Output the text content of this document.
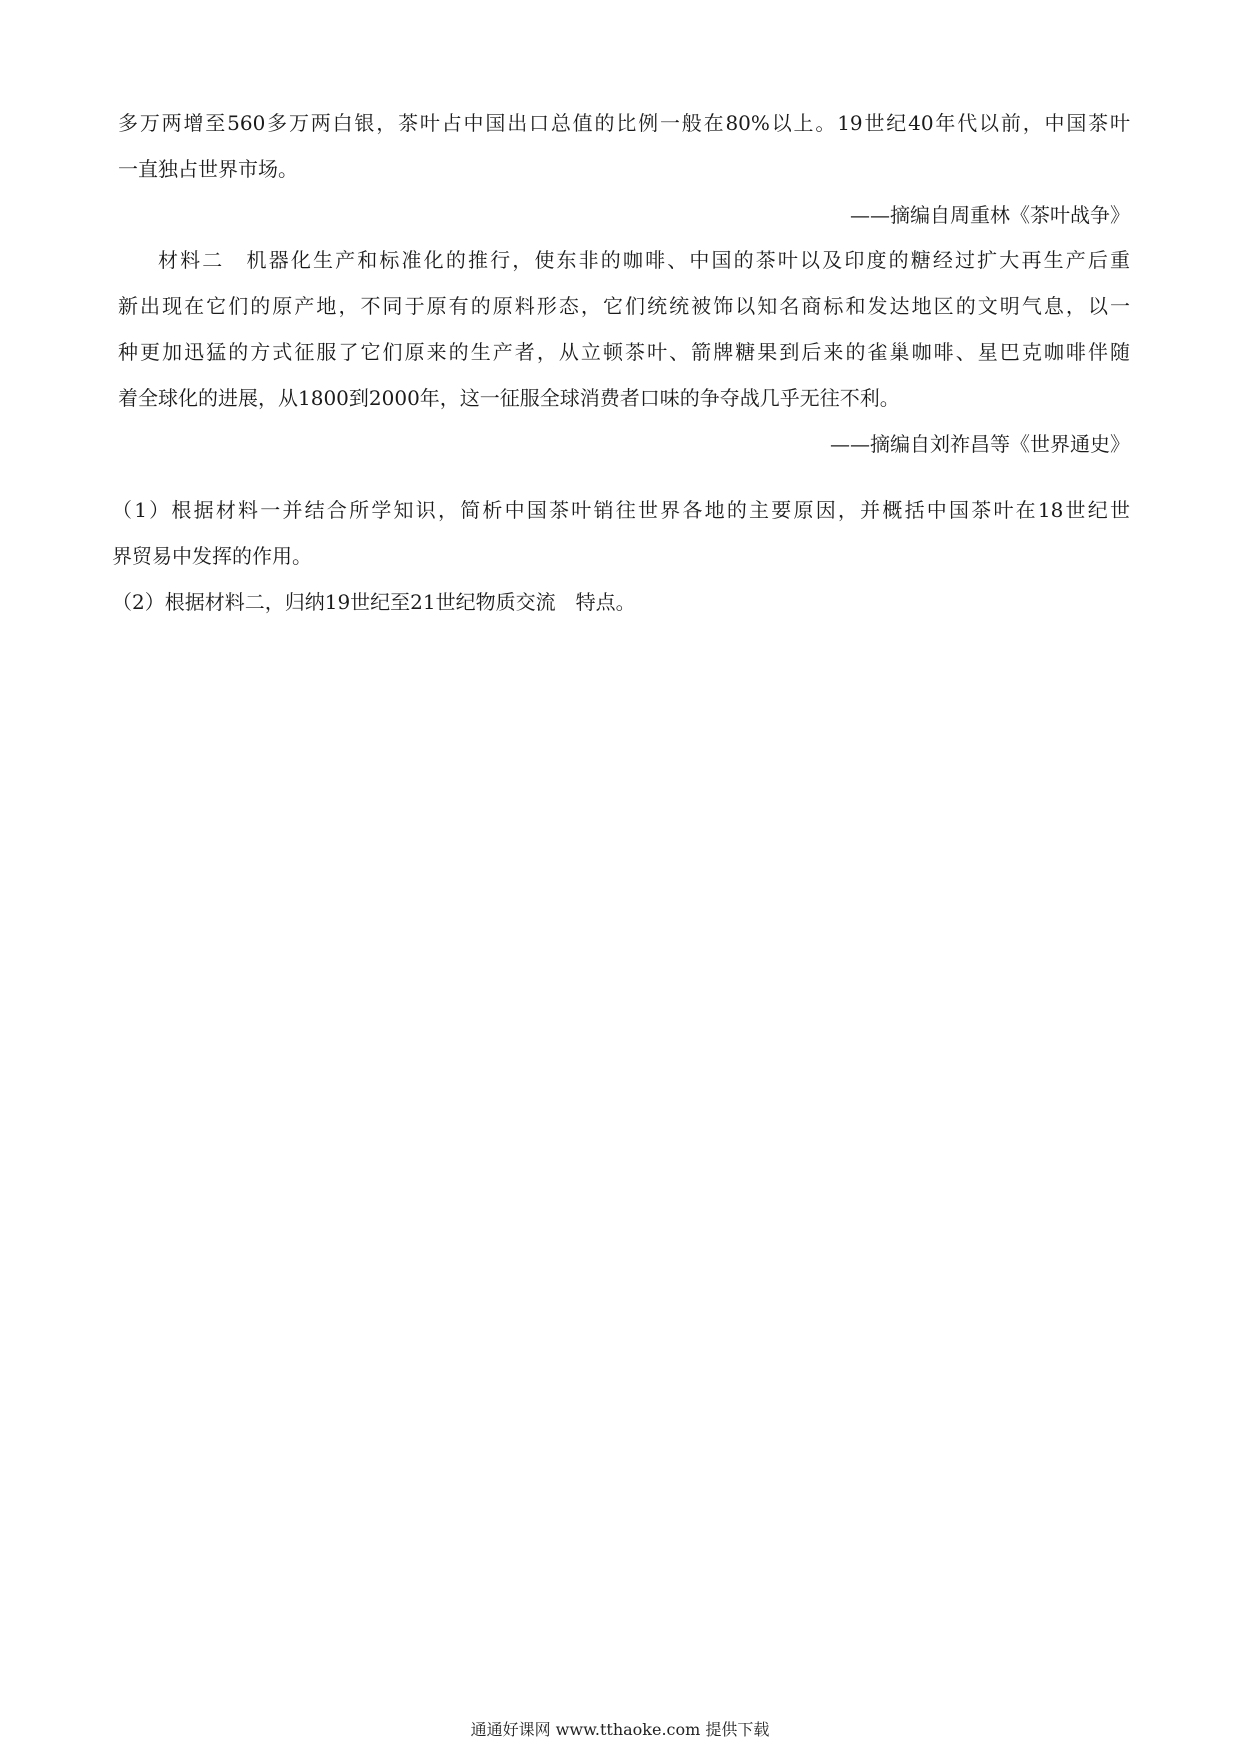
多万两增至560多万两白银，茶叶占中国出口总值的比例一般在80%以上。19世纪40年代以前，中国茶叶
一直独占世界市场。
——摘编自周重林《茶叶战争》
材料二 机器化生产和标准化的推行，使东非的咖啡、中国的茶叶以及印度的糖经过扩大再生产后重
新出现在它们的原产地，不同于原有的原料形态，它们统统被饰以知名商标和发达地区的文明气息，以一
种更加迅猛的方式征服了它们原来的生产者，从立顿茶叶、箭牌糖果到后来的雀巢咖啡、星巴克咖啡伴随
着全球化的进展，从1800到2000年，这一征服全球消费者口味的争夺战几乎无往不利。
——摘编自刘祚昌等《世界通史》
（1）根据材料一并结合所学知识，简析中国茶叶销往世界各地的主要原因，并概括中国茶叶在18世纪世
界贸易中发挥的作用。
（2）根据材料二，归纳19世纪至21世纪物质交流　特点。
通通好课网 www.tthaoke.com 提供下载
